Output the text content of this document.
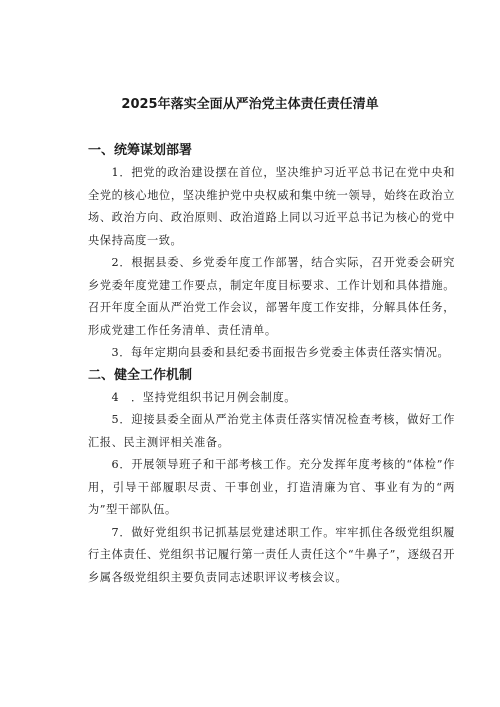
2025年落实全面从严治党主体责任责任清单
一、统筹谋划部署

1．把党的政治建设摆在首位，坚决维护习近平总书记在党中央和全党的核心地位，坚决维护党中央权威和集中统一领导，始终在政治立场、政治方向、政治原则、政治道路上同以习近平总书记为核心的党中央保持高度一致。

2．根据县委、乡党委年度工作部署，结合实际，召开党委会研究乡党委年度党建工作要点，制定年度目标要求、工作计划和具体措施。召开年度全面从严治党工作会议，部署年度工作安排，分解具体任务，形成党建工作任务清单、责任清单。

3．每年定期向县委和县纪委书面报告乡党委主体责任落实情况。

二、健全工作机制

4　．坚持党组织书记月例会制度。

5．迎接县委全面从严治党主体责任落实情况检查考核，做好工作汇报、民主测评相关准备。

6．开展领导班子和干部考核工作。充分发挥年度考核的“体检”作用，引导干部履职尽责、干事创业，打造清廉为官、事业有为的“两为”型干部队伍。

7．做好党组织书记抓基层党建述职工作。牢牢抓住各级党组织履行主体责任、党组织书记履行第一责任人责任这个“牛鼻子”，逐级召开乡属各级党组织主要负责同志述职评议考核会议。
